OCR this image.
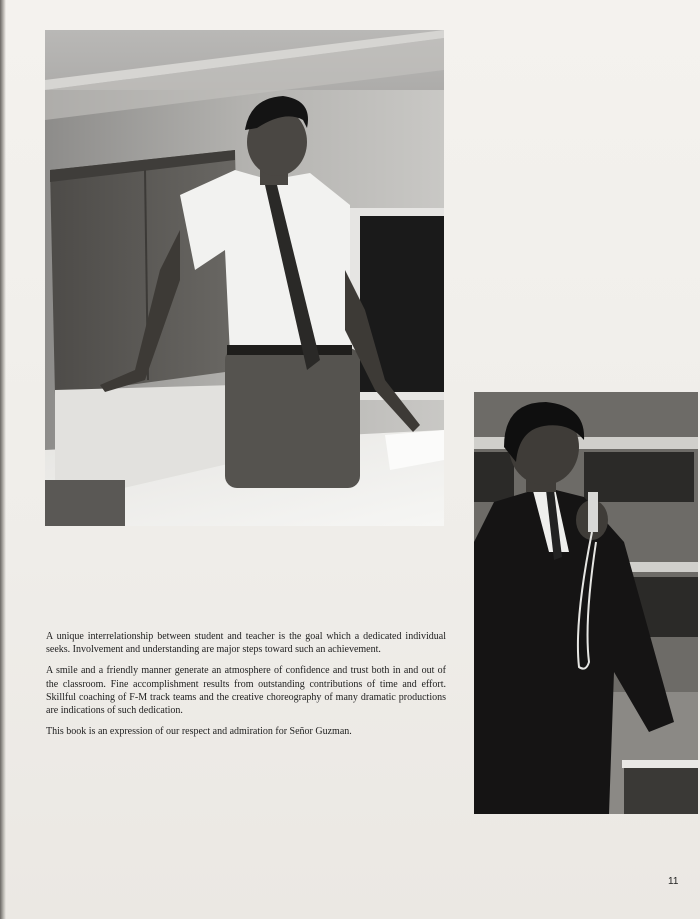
A unique interrelationship between student and teacher is the goal which a dedicated individual seeks. Involvement and understanding are major steps toward such an achievement.

A smile and a friendly manner generate an atmosphere of confidence and trust both in and out of the classroom. Fine accomplishment results from outstanding contributions of time and effort. Skillful coaching of F-M track teams and the creative choreography of many dramatic productions are indications of such dedication.

This book is an expression of our respect and admiration for Señor Guzman.

11
